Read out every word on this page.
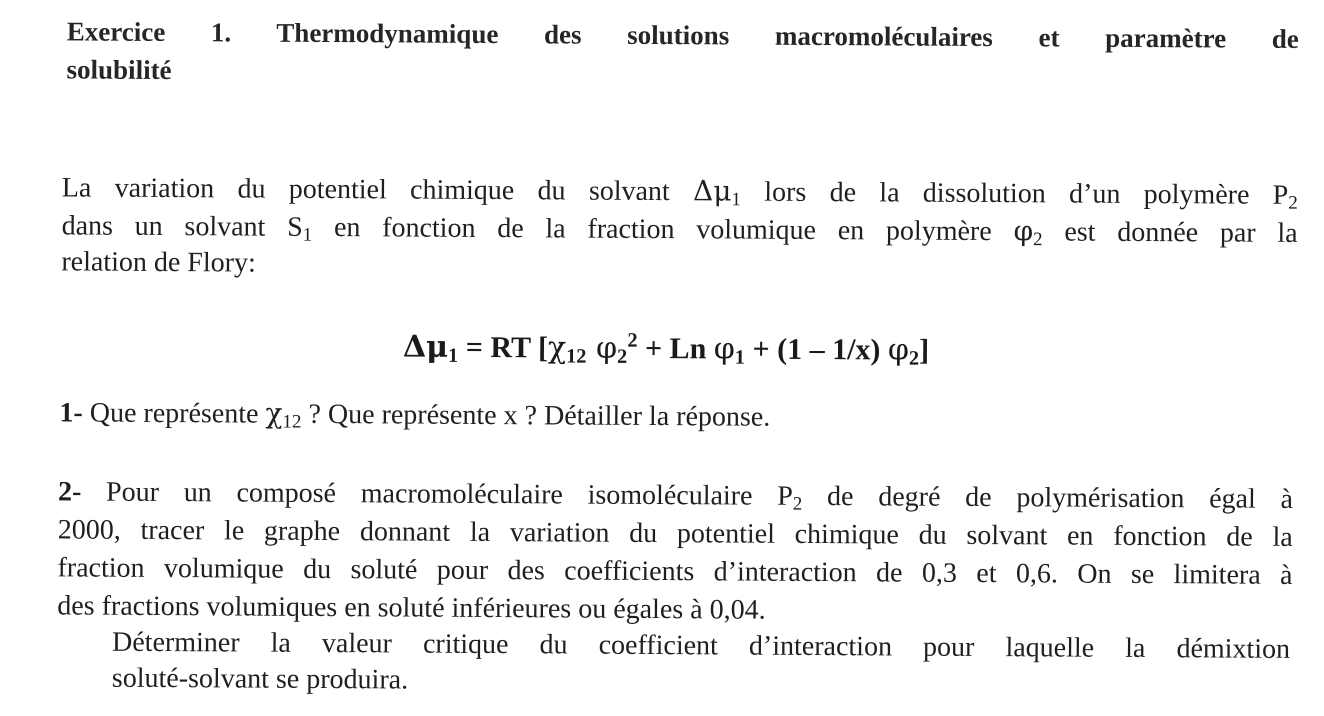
Exercice 1. Thermodynamique des solutions macromoléculaires et paramètre de
solubilité
La variation du potentiel chimique du solvant $\Delta\mu_1$ lors de la dissolution d’un polymère $P_2$
dans un solvant $S_1$ en fonction de la fraction volumique en polymère $\varphi_2$ est donnée par la
relation de Flory:
$\Delta\mu_1$ = RT [$\chi_{12}$ $\varphi_2^2 + Ln$ $\varphi_1 + (1 - 1/x)$ $\varphi_2$]
1- Que représente $\chi_{12}$ ? Que représente x ? Détailler la réponse.
2- Pour un composé macromoléculaire isomoléculaire $P_2$ de degré de polymérisation égal à
2000, tracer le graphe donnant la variation du potentiel chimique du solvant en fonction de la
fraction volumique du soluté pour des coefficients d’interaction de 0,3 et 0,6. On se limitera à
des fractions volumiques en soluté inférieures ou égales à 0,04.
Déterminer la valeur critique du coefficient d’interaction pour laquelle la démixtion
soluté-solvant se produira.
